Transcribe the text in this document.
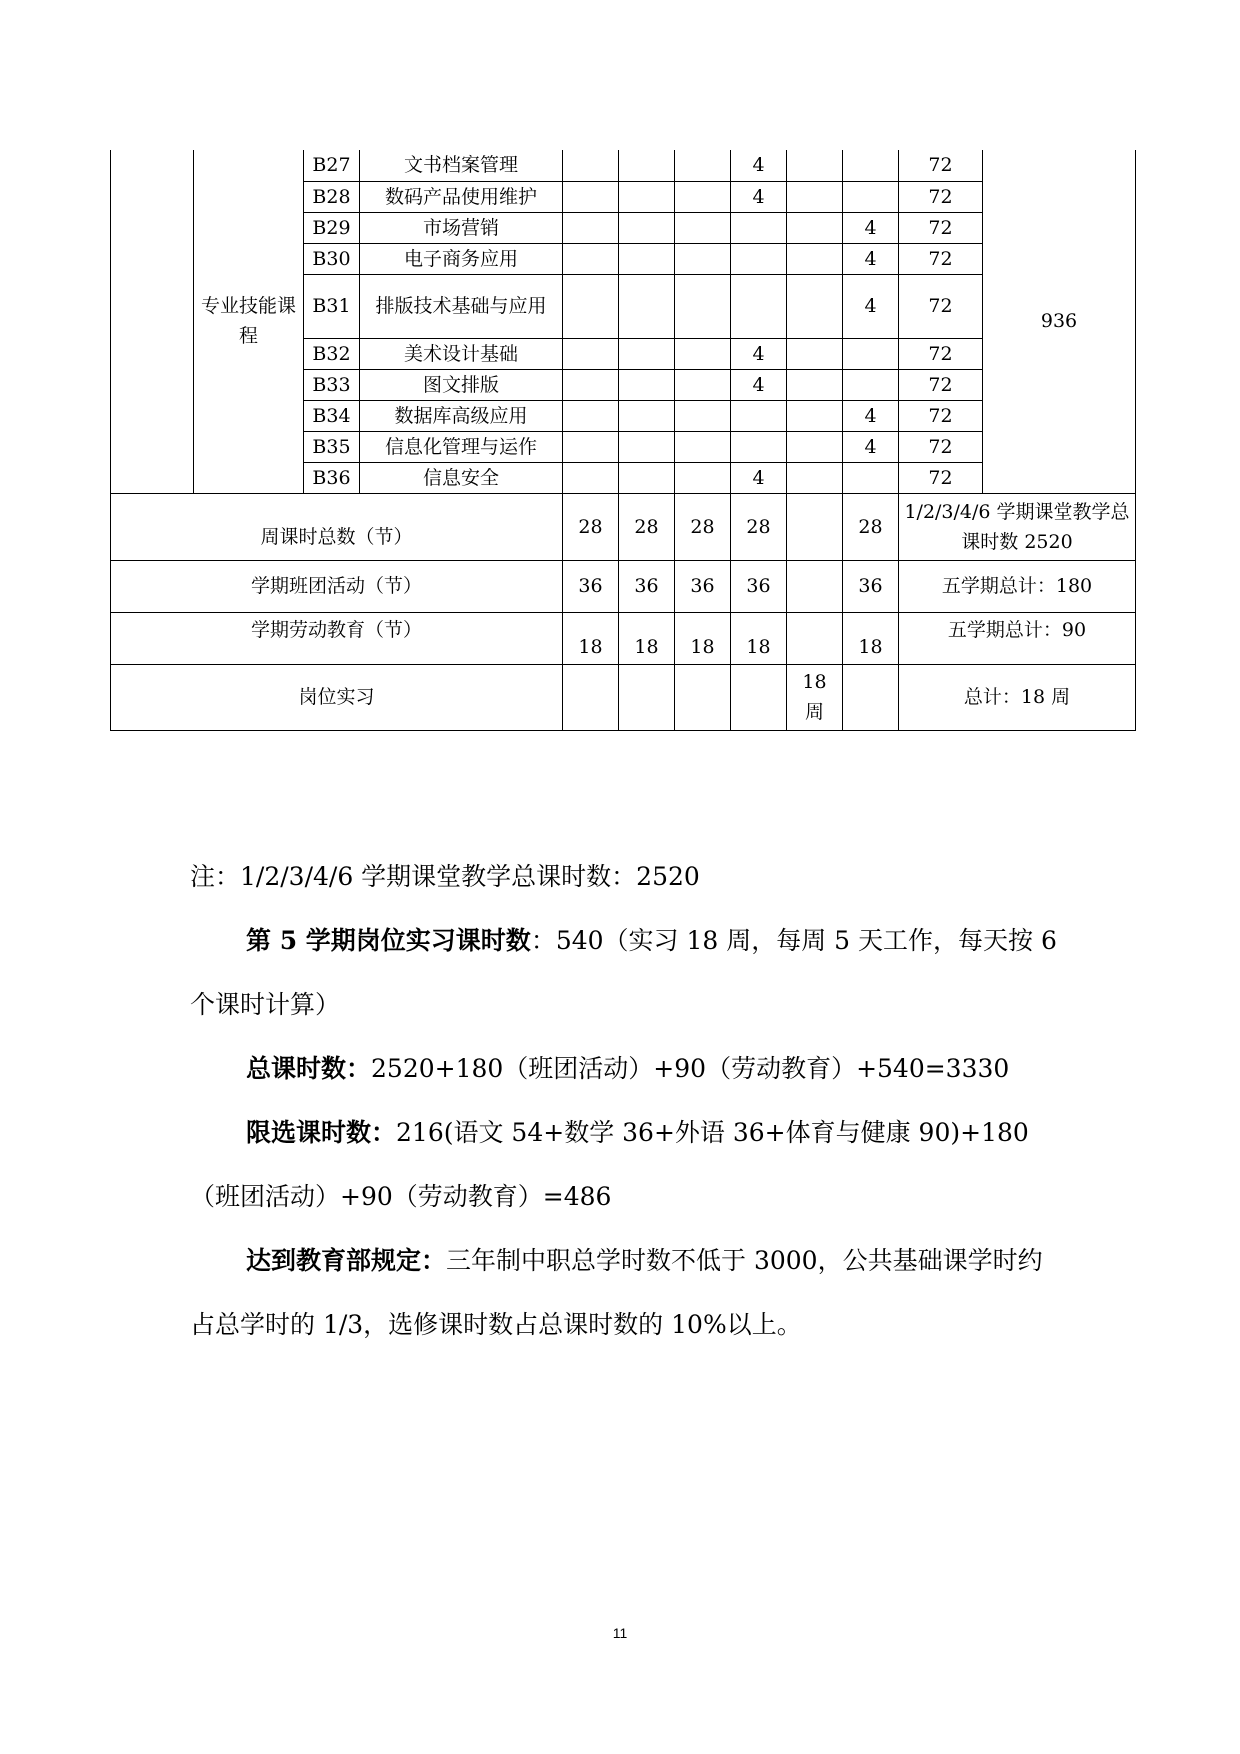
	专业技能课程	B27	文书档案管理				4			72	936
		B28	数码产品使用维护				4			72	
		B29	市场营销						4	72	
		B30	电子商务应用						4	72	
		B31	排版技术基础与应用						4	72	
		B32	美术设计基础				4			72	
		B33	图文排版				4			72	
		B34	数据库高级应用						4	72	
		B35	信息化管理与运作						4	72	
		B36	信息安全				4			72	
周课时总数（节）				28	28	28	28		28	1/2/3/4/6 学期课堂教学总课时数 2520	
学期班团活动（节）				36	36	36	36		36	五学期总计：180	
学期劳动教育（节）				18	18	18	18		18	五学期总计：90	
岗位实习								18周		总计：18 周	

注：1/2/3/4/6 学期课堂教学总课时数：2520

第 5 学期岗位实习课时数：540（实习 18 周，每周 5 天工作，每天按 6 个课时计算）

总课时数：2520+180（班团活动）+90（劳动教育）+540=3330

限选课时数：216(语文 54+数学 36+外语 36+体育与健康 90)+180（班团活动）+90（劳动教育）=486

达到教育部规定：三年制中职总学时数不低于 3000，公共基础课学时约占总学时的 1/3，选修课时数占总课时数的 10%以上。

11
